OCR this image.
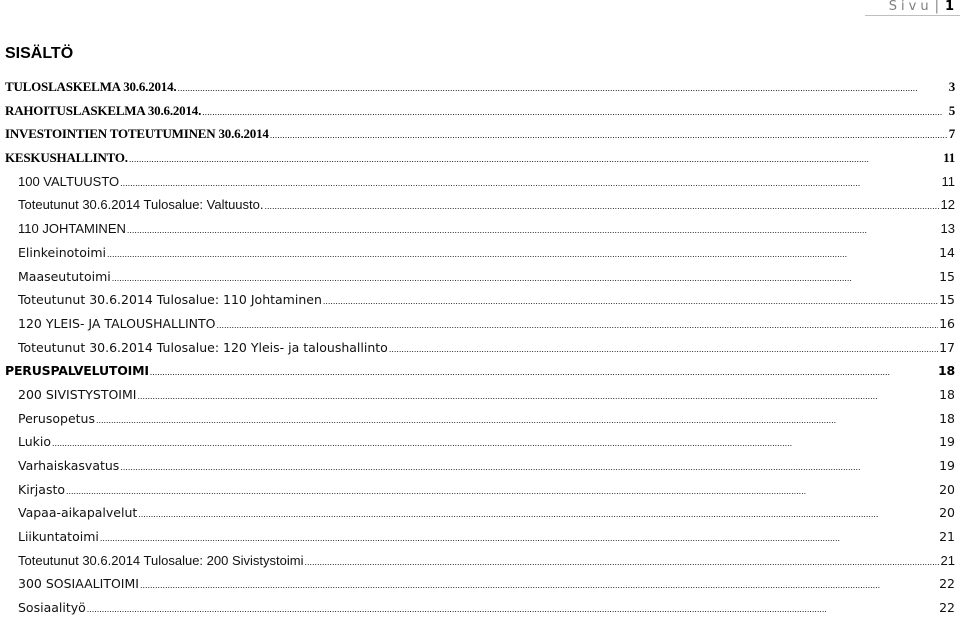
Sivu | 1
SISÄLTÖ
TULOSLASKELMA 30.6.2014. .....	3
RAHOITUSLASKELMA 30.6.2014. .....	5
INVESTOINTIEN TOTEUTUMINEN 30.6.2014 .....	7
KESKUSHALLINTO. .....	11
100 VALTUUSTO .....	11
Toteutunut 30.6.2014 Tulosalue: Valtuusto. .....	12
110 JOHTAMINEN .....	13
Elinkeinotoimi .....	14
Maaseututoimi .....	15
Toteutunut 30.6.2014 Tulosalue: 110 Johtaminen .....	15
120 YLEIS- JA TALOUSHALLINTO .....	16
Toteutunut 30.6.2014 Tulosalue: 120 Yleis- ja taloushallinto .....	17
PERUSPALVELUTOIMI .....	18
200 SIVISTYSTOIMI .....	18
Perusopetus .....	18
Lukio .....	19
Varhaiskasvatus .....	19
Kirjasto .....	20
Vapaa-aikapalvelut .....	20
Liikuntatoimi .....	21
Toteutunut 30.6.2014 Tulosalue: 200 Sivistystoimi .....	21
300 SOSIAALITOIMI .....	22
Sosiaalityö .....	22
